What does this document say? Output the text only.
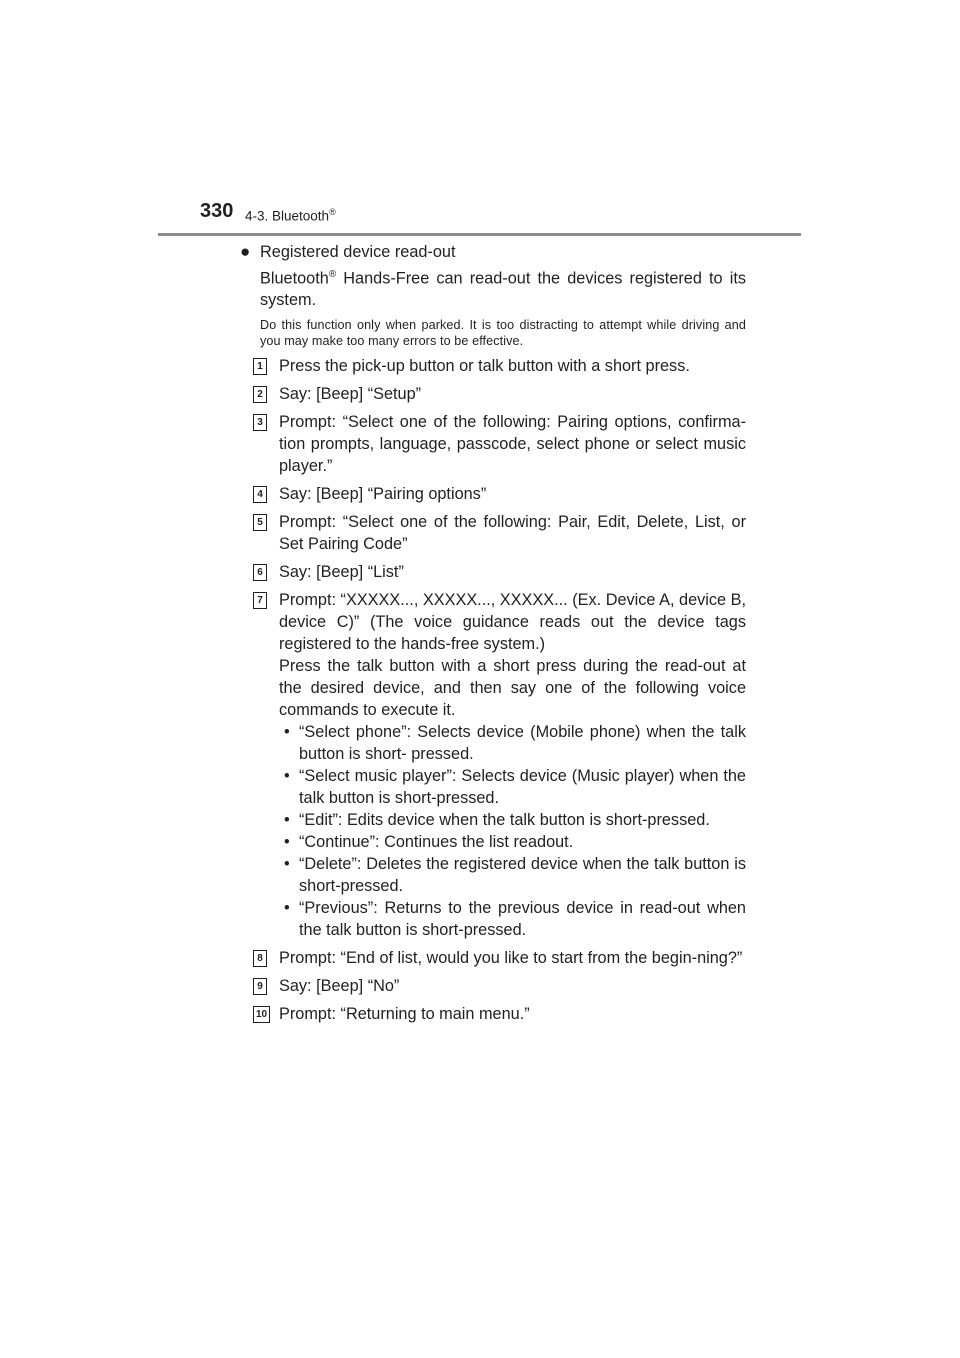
330 4-3. Bluetooth®
● Registered device read-out
Bluetooth® Hands-Free can read-out the devices registered to its system.
Do this function only when parked. It is too distracting to attempt while driving and you may make too many errors to be effective.
1 Press the pick-up button or talk button with a short press.
2 Say: [Beep] “Setup”
3 Prompt: “Select one of the following: Pairing options, confirma-tion prompts, language, passcode, select phone or select music player.”
4 Say: [Beep] “Pairing options”
5 Prompt: “Select one of the following: Pair, Edit, Delete, List, or Set Pairing Code”
6 Say: [Beep] “List”
7 Prompt: “XXXXX..., XXXXX..., XXXXX... (Ex. Device A, device B, device C)” (The voice guidance reads out the device tags registered to the hands-free system.)

Press the talk button with a short press during the read-out at the desired device, and then say one of the following voice commands to execute it.

• “Select phone”: Selects device (Mobile phone) when the talk button is short- pressed.
• “Select music player”: Selects device (Music player) when the talk button is short-pressed.
• “Edit”: Edits device when the talk button is short-pressed.
• “Continue”: Continues the list readout.
• “Delete”: Deletes the registered device when the talk button is short-pressed.
• “Previous”: Returns to the previous device in read-out when the talk button is short-pressed.
8 Prompt: “End of list, would you like to start from the begin-ning?”
9 Say: [Beep] “No”
10 Prompt: “Returning to main menu.”
